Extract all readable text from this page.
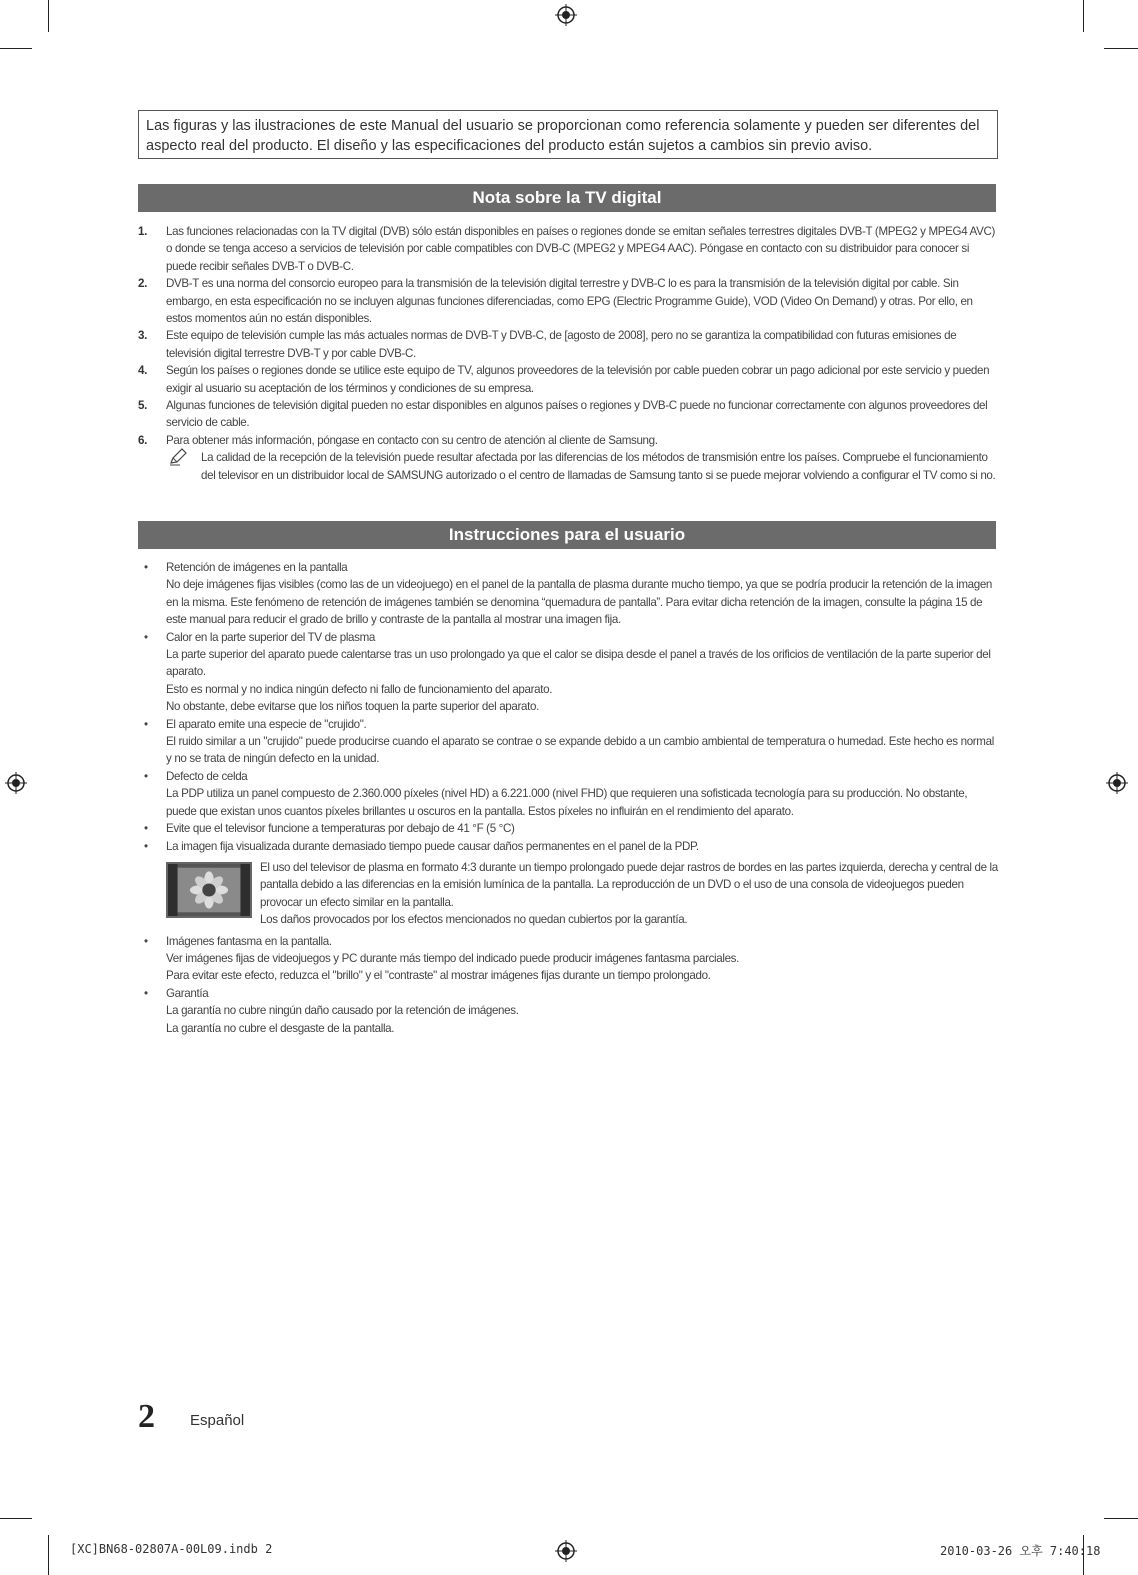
Las figuras y las ilustraciones de este Manual del usuario se proporcionan como referencia solamente y pueden ser diferentes del aspecto real del producto. El diseño y las especificaciones del producto están sujetos a cambios sin previo aviso.
Nota sobre la TV digital
1. Las funciones relacionadas con la TV digital (DVB) sólo están disponibles en países o regiones donde se emitan señales terrestres digitales DVB-T (MPEG2 y MPEG4 AVC) o donde se tenga acceso a servicios de televisión por cable compatibles con DVB-C (MPEG2 y MPEG4 AAC). Póngase en contacto con su distribuidor para conocer si puede recibir señales DVB-T o DVB-C.
2. DVB-T es una norma del consorcio europeo para la transmisión de la televisión digital terrestre y DVB-C lo es para la transmisión de la televisión digital por cable. Sin embargo, en esta especificación no se incluyen algunas funciones diferenciadas, como EPG (Electric Programme Guide), VOD (Video On Demand) y otras. Por ello, en estos momentos aún no están disponibles.
3. Este equipo de televisión cumple las más actuales normas de DVB-T y DVB-C, de [agosto de 2008], pero no se garantiza la compatibilidad con futuras emisiones de televisión digital terrestre DVB-T y por cable DVB-C.
4. Según los países o regiones donde se utilice este equipo de TV, algunos proveedores de la televisión por cable pueden cobrar un pago adicional por este servicio y pueden exigir al usuario su aceptación de los términos y condiciones de su empresa.
5. Algunas funciones de televisión digital pueden no estar disponibles en algunos países o regiones y DVB-C puede no funcionar correctamente con algunos proveedores del servicio de cable.
6. Para obtener más información, póngase en contacto con su centro de atención al cliente de Samsung.
La calidad de la recepción de la televisión puede resultar afectada por las diferencias de los métodos de transmisión entre los países. Compruebe el funcionamiento del televisor en un distribuidor local de SAMSUNG autorizado o el centro de llamadas de Samsung tanto si se puede mejorar volviendo a configurar el TV como si no.
Instrucciones para el usuario
• Retención de imágenes en la pantalla
No deje imágenes fijas visibles (como las de un videojuego) en el panel de la pantalla de plasma durante mucho tiempo, ya que se podría producir la retención de la imagen en la misma. Este fenómeno de retención de imágenes también se denomina “quemadura de pantalla”. Para evitar dicha retención de la imagen, consulte la página 15 de este manual para reducir el grado de brillo y contraste de la pantalla al mostrar una imagen fija.
• Calor en la parte superior del TV de plasma
La parte superior del aparato puede calentarse tras un uso prolongado ya que el calor se disipa desde el panel a través de los orificios de ventilación de la parte superior del aparato.
Esto es normal y no indica ningún defecto ni fallo de funcionamiento del aparato.
No obstante, debe evitarse que los niños toquen la parte superior del aparato.
• El aparato emite una especie de "crujido".
El ruido similar a un "crujido" puede producirse cuando el aparato se contrae o se expande debido a un cambio ambiental de temperatura o humedad. Este hecho es normal y no se trata de ningún defecto en la unidad.
• Defecto de celda
La PDP utiliza un panel compuesto de 2.360.000 píxeles (nivel HD) a 6.221.000 (nivel FHD) que requieren una sofisticada tecnología para su producción. No obstante, puede que existan unos cuantos píxeles brillantes u oscuros en la pantalla. Estos píxeles no influirán en el rendimiento del aparato.
• Evite que el televisor funcione a temperaturas por debajo de 41 °F (5 °C)
• La imagen fija visualizada durante demasiado tiempo puede causar daños permanentes en el panel de la PDP.
El uso del televisor de plasma en formato 4:3 durante un tiempo prolongado puede dejar rastros de bordes en las partes izquierda, derecha y central de la pantalla debido a las diferencias en la emisión lumínica de la pantalla. La reproducción de un DVD o el uso de una consola de videojuegos pueden provocar un efecto similar en la pantalla.
Los daños provocados por los efectos mencionados no quedan cubiertos por la garantía.
• Imágenes fantasma en la pantalla.
Ver imágenes fijas de videojuegos y PC durante más tiempo del indicado puede producir imágenes fantasma parciales.
Para evitar este efecto, reduzca el "brillo" y el "contraste" al mostrar imágenes fijas durante un tiempo prolongado.
• Garantía
La garantía no cubre ningún daño causado por la retención de imágenes.
La garantía no cubre el desgaste de la pantalla.
2 Español
[XC]BN68-02807A-00L09.indb 2	2010-03-26 오후 7:40:18
